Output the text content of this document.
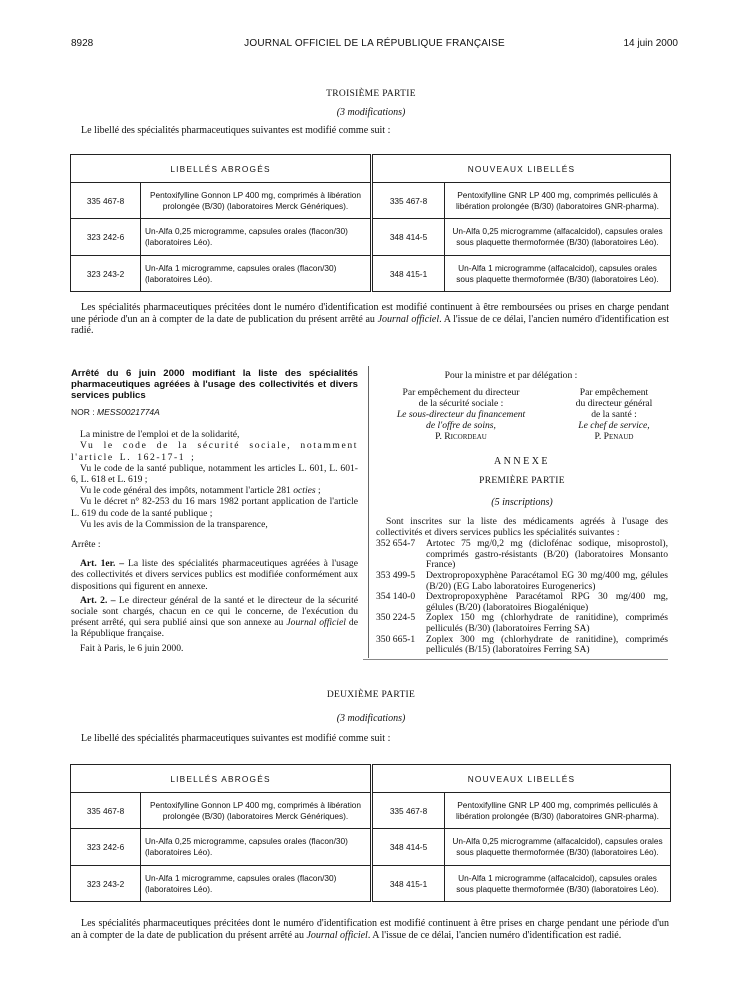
8928	JOURNAL OFFICIEL DE LA RÉPUBLIQUE FRANÇAISE	14 juin 2000
TROISIÈME PARTIE
(3 modifications)
Le libellé des spécialités pharmaceutiques suivantes est modifié comme suit :
LIBELLÉS ABROGÉS		NOUVEAUX LIBELLÉS	
335 467-8	Pentoxifylline Gonnon LP 400 mg, comprimés à libération prolongée (B/30) (laboratoires Merck Génériques).	335 467-8	Pentoxifylline GNR LP 400 mg, comprimés pelliculés à libération prolongée (B/30) (laboratoires GNR-pharma).
323 242-6	Un-Alfa 0,25 microgramme, capsules orales (flacon/30) (laboratoires Léo).	348 414-5	Un-Alfa 0,25 microgramme (alfacalcidol), capsules orales sous plaquette thermoformée (B/30) (laboratoires Léo).
323 243-2	Un-Alfa 1 microgramme, capsules orales (flacon/30) (laboratoires Léo).	348 415-1	Un-Alfa 1 microgramme (alfacalcidol), capsules orales sous plaquette thermoformée (B/30) (laboratoires Léo).
Les spécialités pharmaceutiques précitées dont le numéro d'identification est modifié continuent à être remboursées ou prises en charge pendant une période d'un an à compter de la date de publication du présent arrêté au Journal officiel. A l'issue de ce délai, l'ancien numéro d'identification est radié.

Arrêté du 6 juin 2000 modifiant la liste des spécialités pharmaceutiques agréées à l'usage des collectivités et divers services publics

NOR : MESS0021774A

La ministre de l'emploi et de la solidarité,

Vu le code de la sécurité sociale, notamment l'article L. 162-17-1 ;

Vu le code de la santé publique, notamment les articles L. 601, L. 601-6, L. 618 et L. 619 ;

Vu le code général des impôts, notamment l'article 281 octies ;

Vu le décret n° 82-253 du 16 mars 1982 portant application de l'article L. 619 du code de la santé publique ;

Vu les avis de la Commission de la transparence,

Arrête :

Art. 1er. – La liste des spécialités pharmaceutiques agréées à l'usage des collectivités et divers services publics est modifiée conformément aux dispositions qui figurent en annexe.

Art. 2. – Le directeur général de la santé et le directeur de la sécurité sociale sont chargés, chacun en ce qui le concerne, de l'exécution du présent arrêté, qui sera publié ainsi que son annexe au Journal officiel de la République française.

Fait à Paris, le 6 juin 2000.

Pour la ministre et par délégation :
Par empêchement du directeur
de la sécurité sociale :
Le sous-directeur du financement
de l'offre de soins,
P. Ricordeau
Par empêchement
du directeur général
de la santé :
Le chef de service,
P. Penaud
ANNEXE
PREMIÈRE PARTIE
(5 inscriptions)
Sont inscrites sur la liste des médicaments agréés à l'usage des collectivités et divers services publics les spécialités suivantes :
352 654-7	Artotec 75 mg/0,2 mg (diclofénac sodique, misoprostol), comprimés gastro-résistants (B/20) (laboratoires Monsanto France)
353 499-5	Dextropropoxyphène Paracétamol EG 30 mg/400 mg, gélules (B/20) (EG Labo laboratoires Eurogenerics)
354 140-0	Dextropropoxyphène Paracétamol RPG 30 mg/400 mg, gélules (B/20) (laboratoires Biogalénique)
350 224-5	Zoplex 150 mg (chlorhydrate de ranitidine), comprimés pelliculés (B/30) (laboratoires Ferring SA)
350 665-1	Zoplex 300 mg (chlorhydrate de ranitidine), comprimés pelliculés (B/15) (laboratoires Ferring SA)
DEUXIÈME PARTIE
(3 modifications)
Le libellé des spécialités pharmaceutiques suivantes est modifié comme suit :
LIBELLÉS ABROGÉS		NOUVEAUX LIBELLÉS	
335 467-8	Pentoxifylline Gonnon LP 400 mg, comprimés à libération prolongée (B/30) (laboratoires Merck Génériques).	335 467-8	Pentoxifylline GNR LP 400 mg, comprimés pelliculés à libération prolongée (B/30) (laboratoires GNR-pharma).
323 242-6	Un-Alfa 0,25 microgramme, capsules orales (flacon/30) (laboratoires Léo).	348 414-5	Un-Alfa 0,25 microgramme (alfacalcidol), capsules orales sous plaquette thermoformée (B/30) (laboratoires Léo).
323 243-2	Un-Alfa 1 microgramme, capsules orales (flacon/30) (laboratoires Léo).	348 415-1	Un-Alfa 1 microgramme (alfacalcidol), capsules orales sous plaquette thermoformée (B/30) (laboratoires Léo).
Les spécialités pharmaceutiques précitées dont le numéro d'identification est modifié continuent à être prises en charge pendant une période d'un an à compter de la date de publication du présent arrêté au Journal officiel. A l'issue de ce délai, l'ancien numéro d'identification est radié.
